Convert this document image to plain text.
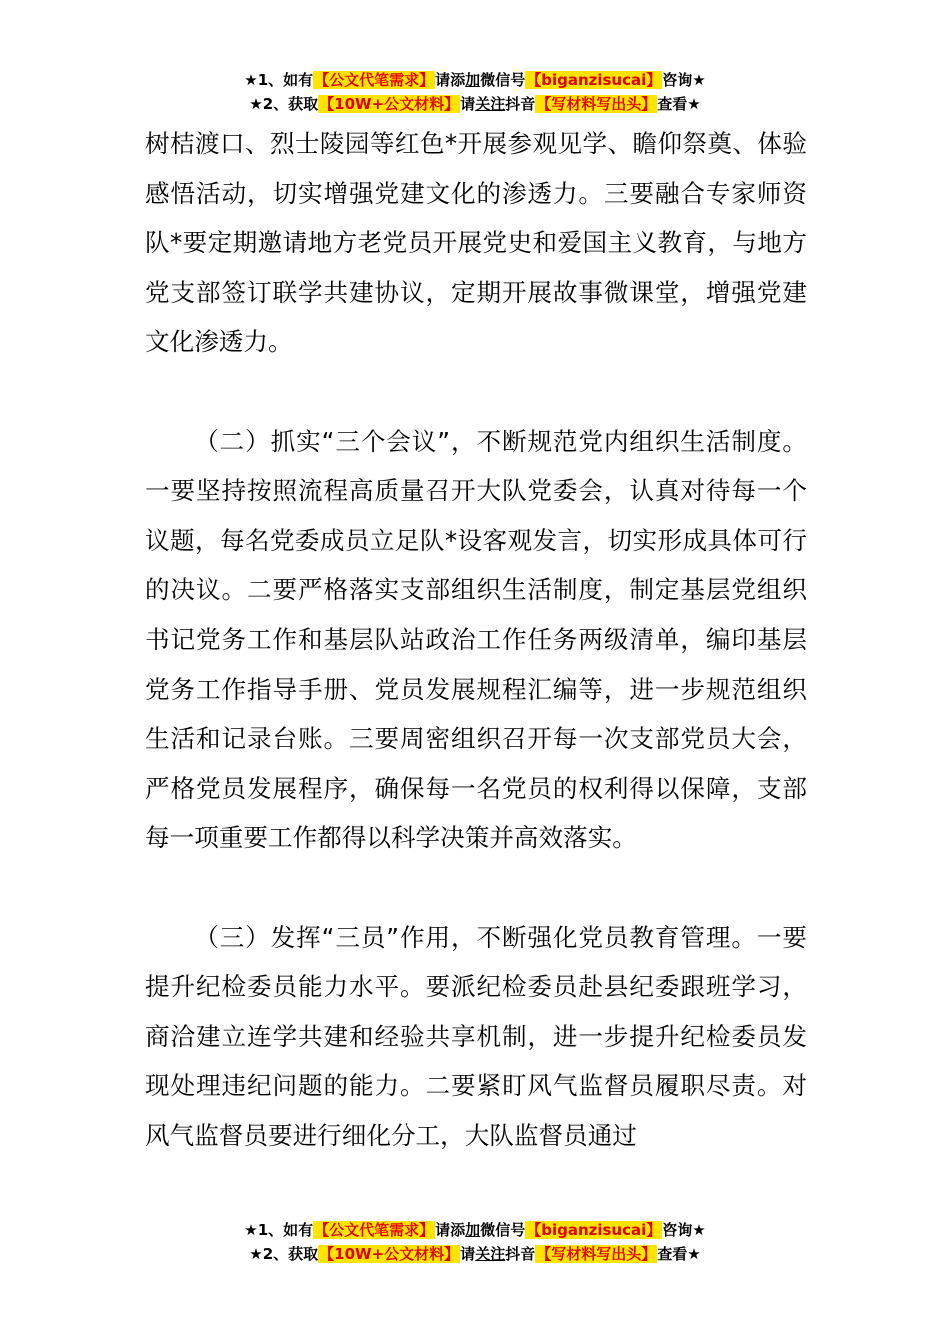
★1、如有【公文代笔需求】请添加微信号【biganzisucai】咨询★
★2、获取【10W+公文材料】请关注抖音【写材料写出头】查看★

树桔渡口、烈士陵园等红色*开展参观见学、瞻仰祭奠、体验感悟活动，切实增强党建文化的渗透力。三要融合专家师资队*要定期邀请地方老党员开展党史和爱国主义教育，与地方党支部签订联学共建协议，定期开展故事微课堂，增强党建文化渗透力。

（二）抓实“三个会议”，不断规范党内组织生活制度。一要坚持按照流程高质量召开大队党委会，认真对待每一个议题，每名党委成员立足队*设客观发言，切实形成具体可行的决议。二要严格落实支部组织生活制度，制定基层党组织书记党务工作和基层队站政治工作任务两级清单，编印基层党务工作指导手册、党员发展规程汇编等，进一步规范组织生活和记录台账。三要周密组织召开每一次支部党员大会，严格党员发展程序，确保每一名党员的权利得以保障，支部每一项重要工作都得以科学决策并高效落实。

（三）发挥“三员”作用，不断强化党员教育管理。一要提升纪检委员能力水平。要派纪检委员赴县纪委跟班学习，商洽建立连学共建和经验共享机制，进一步提升纪检委员发现处理违纪问题的能力。二要紧盯风气监督员履职尽责。对风气监督员要进行细化分工，大队监督员通过

★1、如有【公文代笔需求】请添加微信号【biganzisucai】咨询★
★2、获取【10W+公文材料】请关注抖音【写材料写出头】查看★
